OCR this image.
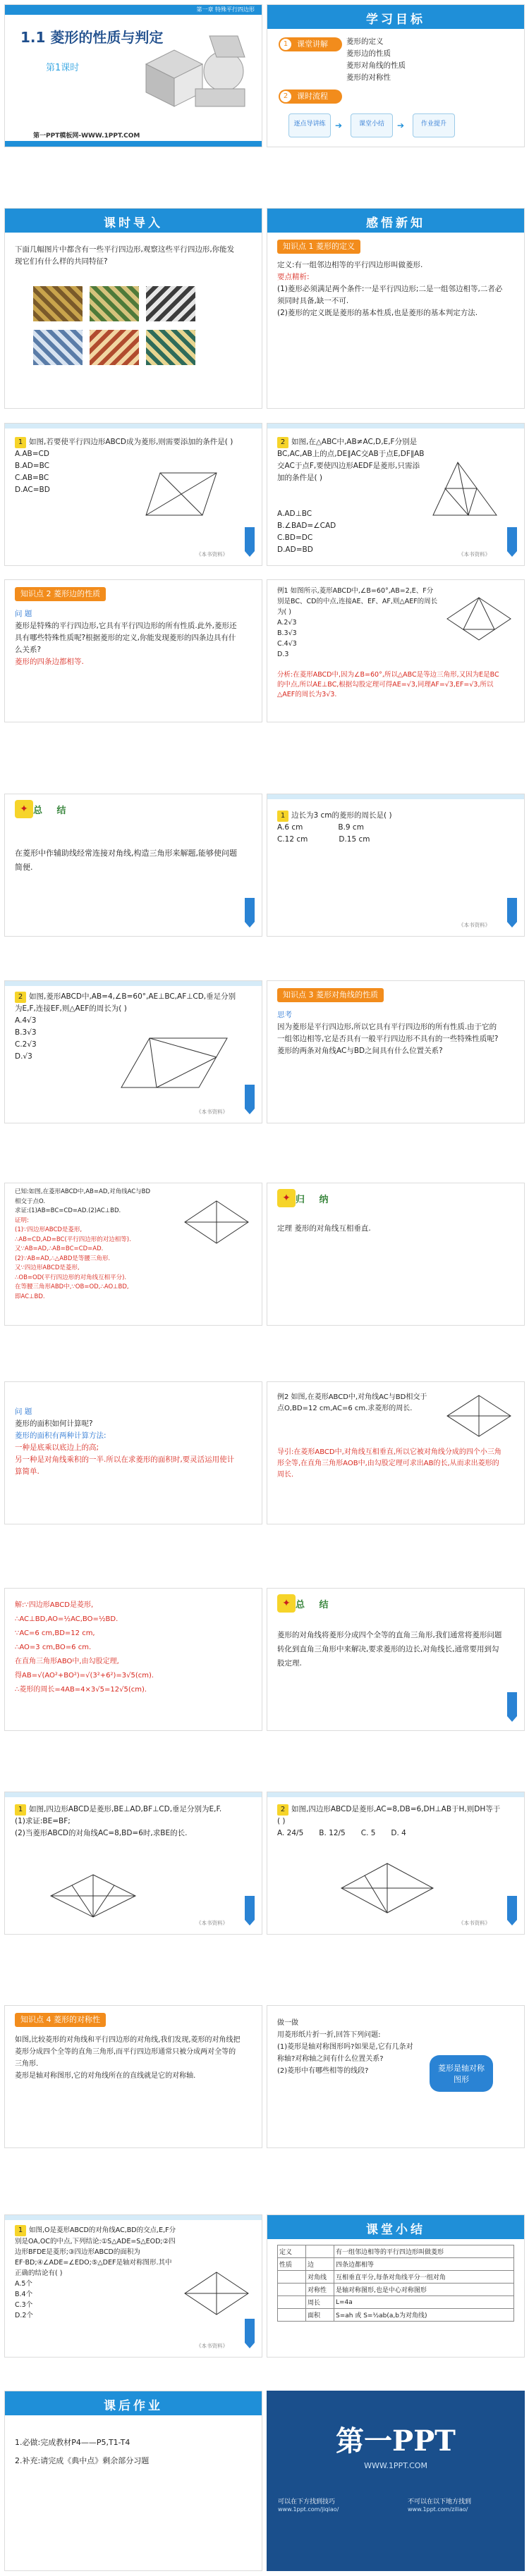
第一章 特殊平行四边形
1.1 菱形的性质与判定
第1课时
第一PPT模板网-WWW.1PPT.COM
学习目标
1	课堂讲解	菱形的定义
菱形边的性质
菱形对角线的性质
菱形的对称性
2	课时流程
逐点导讲练	➔	课堂小结	➔	作业提升
课时导入
下面几幅图片中都含有一些平行四边形,观察这些平行四边形,你能发现它们有什么样的共同特征?
感悟新知
知识点 1 菱形的定义
定义:有一组邻边相等的平行四边形叫做菱形.
要点精析:
(1)菱形必须满足两个条件:一是平行四边形;二是一组邻边相等,二者必须同时具备,缺一不可.
(2)菱形的定义既是菱形的基本性质,也是菱形的基本判定方法.
1 如图,若要使平行四边形ABCD成为菱形,则需要添加的条件是( )
A.AB=CD
B.AD=BC
C.AB=BC
D.AC=BD
《本书资料》
2 如图,在△ABC中,AB≠AC,D,E,F分别是BC,AC,AB上的点,DE∥AC交AB于点E,DF∥AB交AC于点F,要使四边形AEDF是菱形,只需添加的条件是( )
A.AD⊥BC
B.∠BAD=∠CAD
C.BD=DC
D.AD=BD
《本书资料》
知识点 2 菱形边的性质
问 题
菱形是特殊的平行四边形,它具有平行四边形的所有性质.此外,菱形还具有哪些特殊性质呢?根据菱形的定义,你能发现菱形的四条边具有什么关系?
菱形的四条边都相等.
例1 如图所示,菱形ABCD中,∠B=60°,AB=2,E、F分别是BC、CD的中点,连接AE、EF、AF,则△AEF的周长为( )
A.2√3
B.3√3
C.4√3
D.3
分析:在菱形ABCD中,因为∠B=60°,所以△ABC是等边三角形,又因为E是BC的中点,所以AE⊥BC,根据勾股定理可得AE=√3,同理AF=√3,EF=√3,所以△AEF的周长为3√3.
✦ 总 结
在菱形中作辅助线经常连接对角线,构造三角形来解题,能够使问题简便.
1 边长为3 cm的菱形的周长是( )
A.6 cm	B.9 cm
C.12 cm	D.15 cm
《本书资料》
2 如图,菱形ABCD中,AB=4,∠B=60°,AE⊥BC,AF⊥CD,垂足分别为E,F,连接EF,则△AEF的周长为( )
A.4√3
B.3√3
C.2√3
D.√3
《本书资料》
知识点 3 菱形对角线的性质
思考
因为菱形是平行四边形,所以它具有平行四边形的所有性质.由于它的一组邻边相等,它是否具有一般平行四边形不具有的一些特殊性质呢?
菱形的两条对角线AC与BD之间具有什么位置关系?
已知:如图,在菱形ABCD中,AB=AD,对角线AC与BD相交于点O.
求证:(1)AB=BC=CD=AD.(2)AC⊥BD.
证明:
(1)∵四边形ABCD是菱形,
∴AB=CD,AD=BC(平行四边形的对边相等).
又∵AB=AD,∴AB=BC=CD=AD.
(2)∵AB=AD,∴△ABD是等腰三角形.
又∵四边形ABCD是菱形,
∴OB=OD(平行四边形的对角线互相平分).
在等腰三角形ABD中,∵OB=OD,∴AO⊥BD,
即AC⊥BD.
✦ 归 纳
定理 菱形的对角线互相垂直.
问 题
菱形的面积如何计算呢?
菱形的面积有两种计算方法:
一种是底乘以底边上的高;
另一种是对角线乘积的一半.所以在求菱形的面积时,要灵活运用使计算简单.
例2 如图,在菱形ABCD中,对角线AC与BD相交于点O,BD=12 cm,AC=6 cm.求菱形的周长.
导引:在菱形ABCD中,对角线互相垂直,所以它被对角线分成的四个小三角形全等,在直角三角形AOB中,由勾股定理可求出AB的长,从而求出菱形的周长.
解:∵四边形ABCD是菱形,
∴AC⊥BD,AO=½AC,BO=½BD.
∵AC=6 cm,BD=12 cm,
∴AO=3 cm,BO=6 cm.
在直角三角形ABO中,由勾股定理,
得AB=√(AO²+BO²)=√(3²+6²)=3√5(cm).
∴菱形的周长=4AB=4×3√5=12√5(cm).
✦ 总 结
菱形的对角线将菱形分成四个全等的直角三角形,我们通常将菱形问题转化到直角三角形中来解决,要求菱形的边长,对角线长,通常要用到勾股定理.
1 如图,四边形ABCD是菱形,BE⊥AD,BF⊥CD,垂足分别为E,F.
(1)求证:BE=BF;
(2)当菱形ABCD的对角线AC=8,BD=6时,求BE的长.
《本书资料》
2 如图,四边形ABCD是菱形,AC=8,DB=6,DH⊥AB于H,则DH等于( )
A. 24/5 B. 12/5 C. 5 D. 4
《本书资料》
知识点 4 菱形的对称性
如图,比较菱形的对角线和平行四边形的对角线,我们发现,菱形的对角线把菱形分成四个全等的直角三角形,而平行四边形通常只被分成两对全等的三角形.
菱形是轴对称图形,它的对角线所在的直线就是它的对称轴.
做一做
用菱形纸片折一折,回答下列问题:
(1)菱形是轴对称图形吗?如果是,它有几条对称轴?对称轴之间有什么位置关系?
(2)菱形中有哪些相等的线段?	菱形是轴对称图形
1 如图,O是菱形ABCD的对角线AC,BD的交点,E,F分别是OA,OC的中点,下列结论:①S△ADE=S△EOD;②四边形BFDE是菱形;③四边形ABCD的面积为EF·BD;④∠ADE=∠EDO;⑤△DEF是轴对称图形.其中正确的结论有( )
A.5个
B.4个
C.3个
D.2个
《本书资料》
课堂小结
定义		有一组邻边相等的平行四边形叫做菱形
性质	边	四条边都相等
	对角线	互相垂直平分,每条对角线平分一组对角
	对称性	是轴对称图形,也是中心对称图形
	周长	L=4a
	面积	S=ah 或 S=½ab(a,b为对角线)
课后作业
1.必做:完成教材P4——P5,T1-T4
2.补充:请完成《典中点》剩余部分习题
第一PPT
WWW.1PPT.COM
可以在下方找到技巧
www.1ppt.com/jiqiao/
不可以在以下地方找到
www.1ppt.com/ziliao/
